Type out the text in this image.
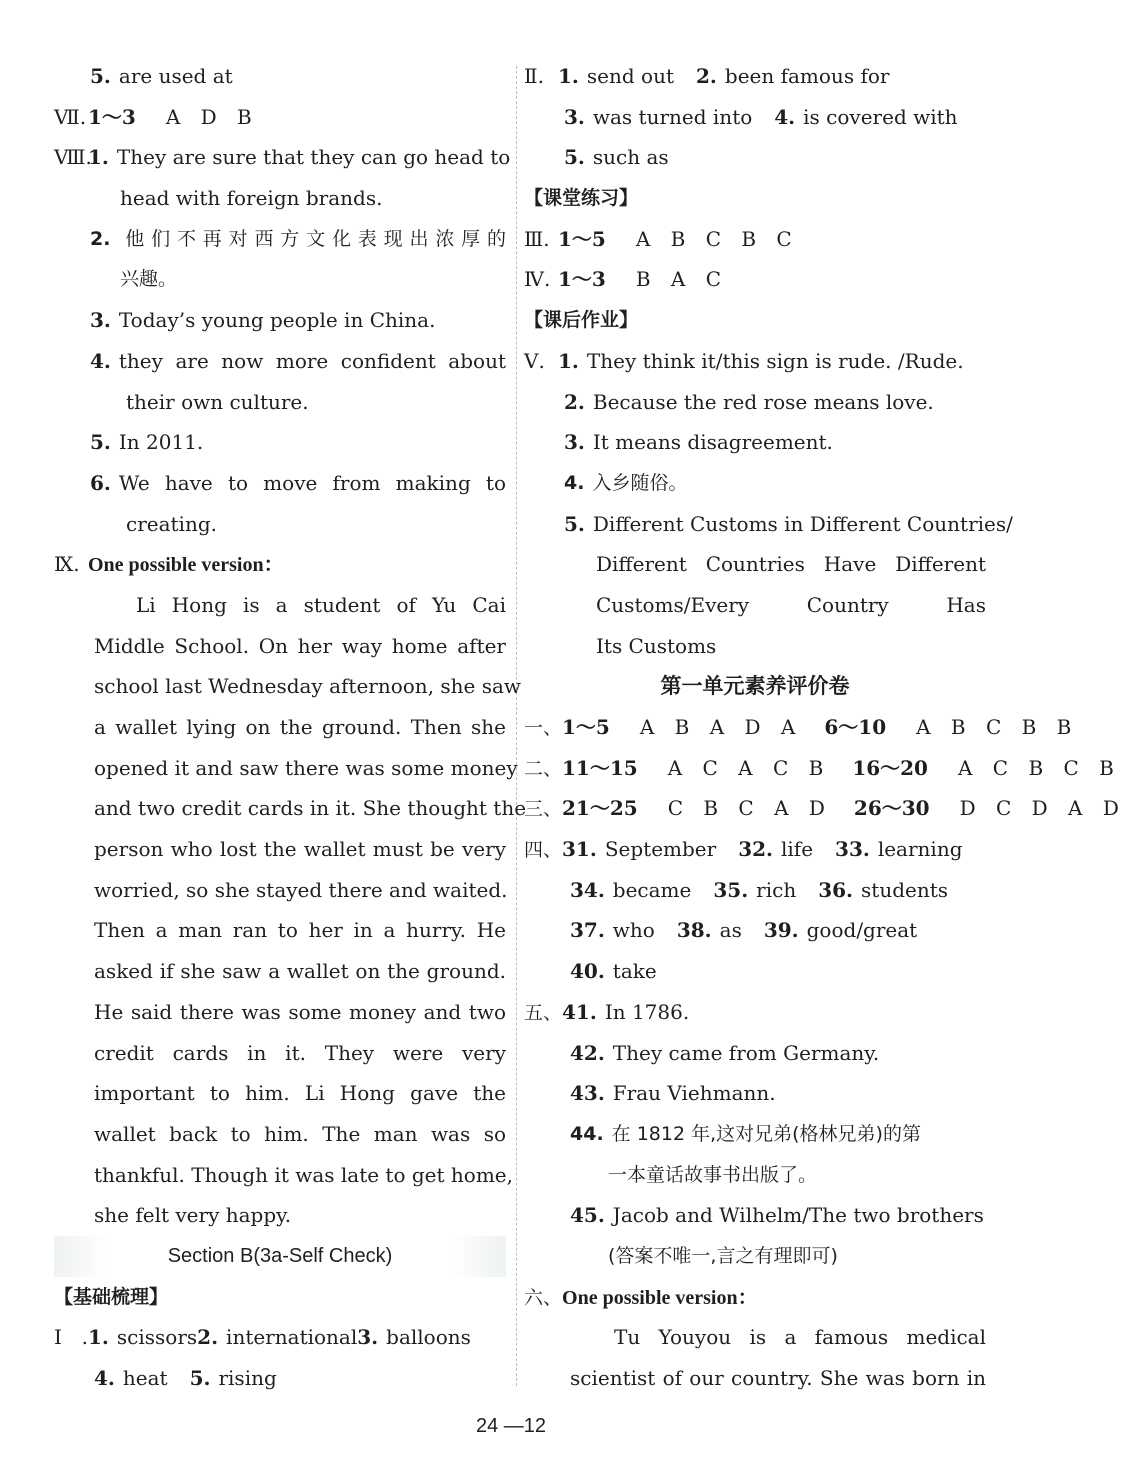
5. are used at
Ⅶ.1～3 A D B
Ⅷ.1. They are sure that they can go head to
head with foreign brands.
2. 他们不再对西方文化表现出浓厚的
兴趣。
3. Today’s young people in China.
4. they are now more confident about
their own culture.
5. In 2011.
6. We have to move from making to
creating.
Ⅸ. One possible version：
Li Hong is a student of Yu Cai
Middle School. On her way home after
school last Wednesday afternoon, she saw
a wallet lying on the ground. Then she
opened it and saw there was some money
and two credit cards in it. She thought the
person who lost the wallet must be very
worried, so she stayed there and waited.
Then a man ran to her in a hurry. He
asked if she saw a wallet on the ground.
He said there was some money and two
credit cards in it. They were very
important to him. Li Hong gave the
wallet back to him. The man was so
thankful. Though it was late to get home,
she felt very happy.
Section B(3a-Self Check)
【基础梳理】
Ⅰ.1. scissors2. international3. balloons
4. heat 5. rising
Ⅱ. 1. send out 2. been famous for
3. was turned into 4. is covered with
5. such as
【课堂练习】
Ⅲ. 1～5 A B C B C
Ⅳ. 1～3 B A C
【课后作业】
Ⅴ. 1. They think it/this sign is rude. /Rude.
2. Because the red rose means love.
3. It means disagreement.
4. 入乡随俗。
5. Different Customs in Different Countries/
Different Countries Have Different
Customs/Every Country Has
Its Customs
第一单元素养评价卷
一、1～5 A B A D A 6～10 A B C B B
二、11～15 A C A C B 16～20 A C B C B
三、21～25 C B C A D 26～30 D C D A D
四、31. September 32. life 33. learning
34. became 35. rich 36. students
37. who 38. as 39. good/great
40. take
五、41. In 1786.
42. They came from Germany.
43. Frau Viehmann.
44. 在 1812 年,这对兄弟(格林兄弟)的第
一本童话故事书出版了。
45. Jacob and Wilhelm/The two brothers
(答案不唯一,言之有理即可)
六、One possible version：
Tu Youyou is a famous medical
scientist of our country. She was born in
24 —12
